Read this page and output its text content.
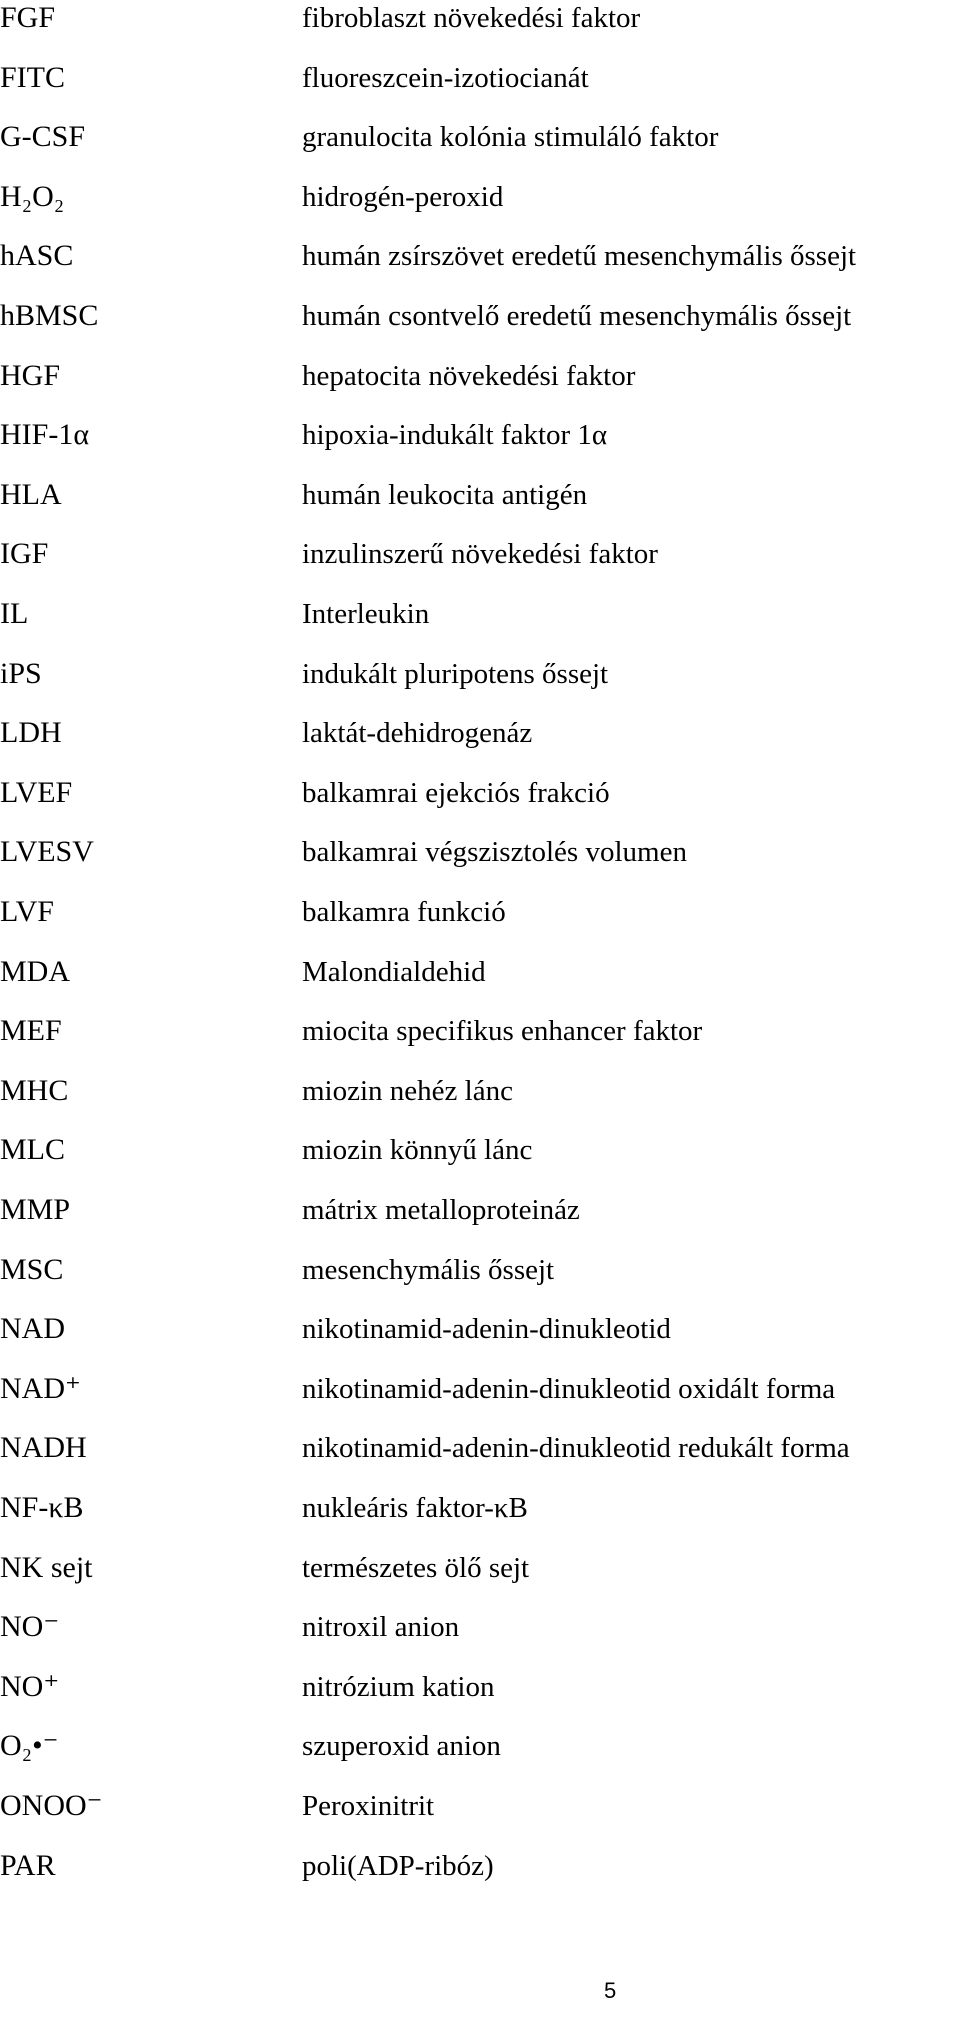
FGF	fibroblaszt növekedési faktor
FITC	fluoreszcein-izotiocianát
G-CSF	granulocita kolónia stimuláló faktor
H₂O₂	hidrogén-peroxid
hASC	humán zsírszövet eredetű mesenchymális őssejt
hBMSC	humán csontvelő eredetű mesenchymális őssejt
HGF	hepatocita növekedési faktor
HIF-1α	hipoxia-indukált faktor 1α
HLA	humán leukocita antigén
IGF	inzulinszerű növekedési faktor
IL	Interleukin
iPS	indukált pluripotens őssejt
LDH	laktát-dehidrogenáz
LVEF	balkamrai ejekciós frakció
LVESV	balkamrai végszisztolés volumen
LVF	balkamra funkció
MDA	Malondialdehid
MEF	miocita specifikus enhancer faktor
MHC	miozin nehéz lánc
MLC	miozin könnyű lánc
MMP	mátrix metalloproteináz
MSC	mesenchymális őssejt
NAD	nikotinamid-adenin-dinukleotid
NAD⁺	nikotinamid-adenin-dinukleotid oxidált forma
NADH	nikotinamid-adenin-dinukleotid redukált forma
NF-κB	nukleáris faktor-κB
NK sejt	természetes ölő sejt
NO⁻	nitroxil anion
NO⁺	nitrózium kation
O₂•⁻	szuperoxid anion
ONOO⁻	Peroxinitrit
PAR	poli(ADP-ribóz)
5
